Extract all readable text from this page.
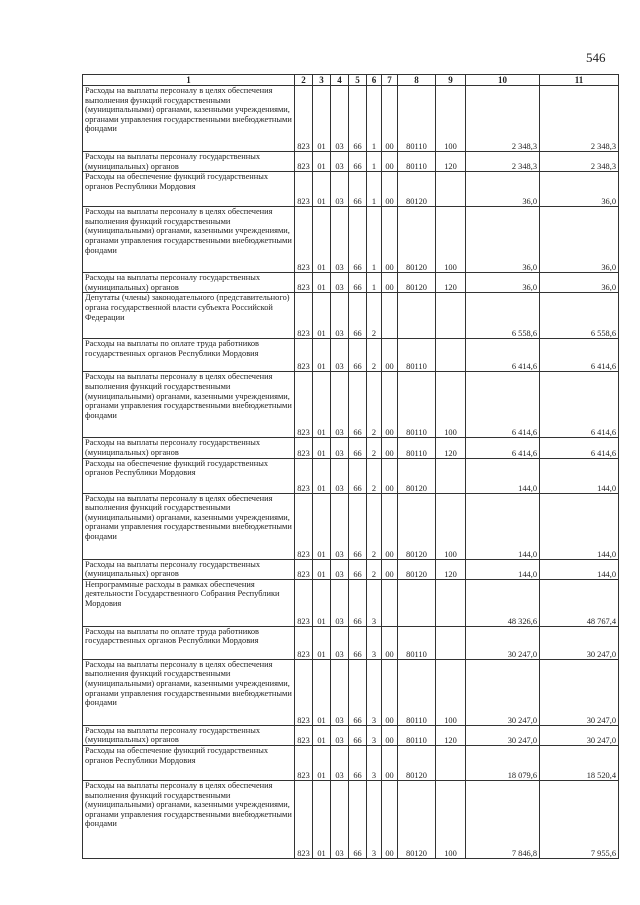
546
1	2	3	4	5	6	7	8	9	10	11
Расходы на выплаты персоналу в целях обеспечения выполнения функций государственными (муниципальными) органами, казенными учреждениями, органами управления государственными внебюджетными фондами	823	01	03	66	1	00	80110	100	2 348,3	2 348,3
Расходы на выплаты персоналу государственных (муниципальных) органов	823	01	03	66	1	00	80110	120	2 348,3	2 348,3
Расходы на обеспечение функций государственных органов Республики Мордовия	823	01	03	66	1	00	80120		36,0	36,0
Расходы на выплаты персоналу в целях обеспечения выполнения функций государственными (муниципальными) органами, казенными учреждениями, органами управления государственными внебюджетными фондами	823	01	03	66	1	00	80120	100	36,0	36,0
Расходы на выплаты персоналу государственных (муниципальных) органов	823	01	03	66	1	00	80120	120	36,0	36,0
Депутаты (члены) законодательного (представительного) органа государственной власти субъекта Российской Федерации	823	01	03	66	2				6 558,6	6 558,6
Расходы на выплаты по оплате труда работников государственных органов Республики Мордовия	823	01	03	66	2	00	80110		6 414,6	6 414,6
Расходы на выплаты персоналу в целях обеспечения выполнения функций государственными (муниципальными) органами, казенными учреждениями, органами управления государственными внебюджетными фондами	823	01	03	66	2	00	80110	100	6 414,6	6 414,6
Расходы на выплаты персоналу государственных (муниципальных) органов	823	01	03	66	2	00	80110	120	6 414,6	6 414,6
Расходы на обеспечение функций государственных органов Республики Мордовия	823	01	03	66	2	00	80120		144,0	144,0
Расходы на выплаты персоналу в целях обеспечения выполнения функций государственными (муниципальными) органами, казенными учреждениями, органами управления государственными внебюджетными фондами	823	01	03	66	2	00	80120	100	144,0	144,0
Расходы на выплаты персоналу государственных (муниципальных) органов	823	01	03	66	2	00	80120	120	144,0	144,0
Непрограммные расходы в рамках обеспечения деятельности Государственного Собрания Республики Мордовия	823	01	03	66	3				48 326,6	48 767,4
Расходы на выплаты по оплате труда работников государственных органов Республики Мордовия	823	01	03	66	3	00	80110		30 247,0	30 247,0
Расходы на выплаты персоналу в целях обеспечения выполнения функций государственными (муниципальными) органами, казенными учреждениями, органами управления государственными внебюджетными фондами	823	01	03	66	3	00	80110	100	30 247,0	30 247,0
Расходы на выплаты персоналу государственных (муниципальных) органов	823	01	03	66	3	00	80110	120	30 247,0	30 247,0
Расходы на обеспечение функций государственных органов Республики Мордовия	823	01	03	66	3	00	80120		18 079,6	18 520,4
Расходы на выплаты персоналу в целях обеспечения выполнения функций государственными (муниципальными) органами, казенными учреждениями, органами управления государственными внебюджетными фондами	823	01	03	66	3	00	80120	100	7 846,8	7 955,6
